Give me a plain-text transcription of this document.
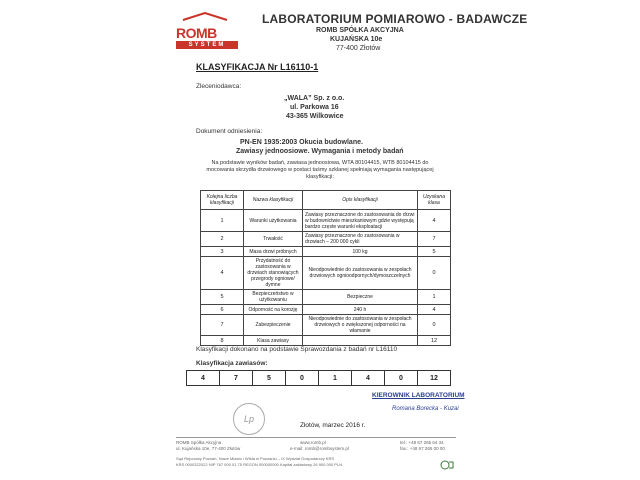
ROMB
SYSTEM
LABORATORIUM POMIAROWO - BADAWCZE
ROMB SPÓŁKA AKCYJNA
KUJAŃSKA 10e
77-400 Złotów
KLASYFIKACJA Nr L16110-1
Zleceniodawca:
„WALA” Sp. z o.o.
ul. Parkowa 16
43-365 Wilkowice
Dokument odniesienia:
PN-EN 1935:2003 Okucia budowlane.
Zawiasy jednoosiowe. Wymagania i metody badań
Na podstawie wyników badań, zawiasa jednoosiowa, WTA 80104415, WTB 80104415 do
mocowania skrzydła drzwiowego w postaci taśmy szklanej spełniają wymagania następującej
klasyfikacji:
Kolejna liczba klasyfikacji	Nazwa klasyfikacji	Opis klasyfikacji	Uzyskana klasa
1	Warunki użytkowania	Zawiasy przeznaczone do zastosowania do drzwi w budownictwie mieszkaniowym gdzie występują bardzo częste warunki eksploatacji	4
2	Trwałość	Zawiasy przeznaczone do zastosowania w drzwiach – 200 000 cykli	7
3	Masa drzwi próbnych	100 kg	5
4	Przydatność do zastosowania w drzwiach stanowiących przegrody ogniowe/ dymne	Nieodpowiednie do zastosowania w zespołach drzwiowych ognioodpornych/dymoszczelnych	0
5	Bezpieczeństwo w użytkowaniu	Bezpieczne	1
6	Odporność na korozję	240 h	4
7	Zabezpieczenie	Nieodpowiednie do zastosowania w zespołach drzwiowych o zwiększonej odporności na włamanie	0
8	Klasa zawiasy		12
Klasyfikacji dokonano na podstawie Sprawozdania z badań nr L16110
Klasyfikacja zawiasów:
4	7	5	0	1	4	0	12
Lp
KIEROWNIK LABORATORIUM
Romana Borecka - Kuzai
Złotów, marzec 2016 r.
ROMB Spółka Akcyjna
ul. Kujańska 10e, 77-400 Złotów
www.romb.pl
e-mail: romb@rombsystem.pl
tel.: +48 67 265 64 34
fax.: +48 67 265 00 00
Sąd Rejonowy Poznań, Nowe Miasto i Wilda w Poznaniu – IX Wydział Gospodarczy KRS
KRS 0000322022 NIP 767 000 01 75 REGON 000000000 Kapitał zakładowy 26 900 000 PLN
